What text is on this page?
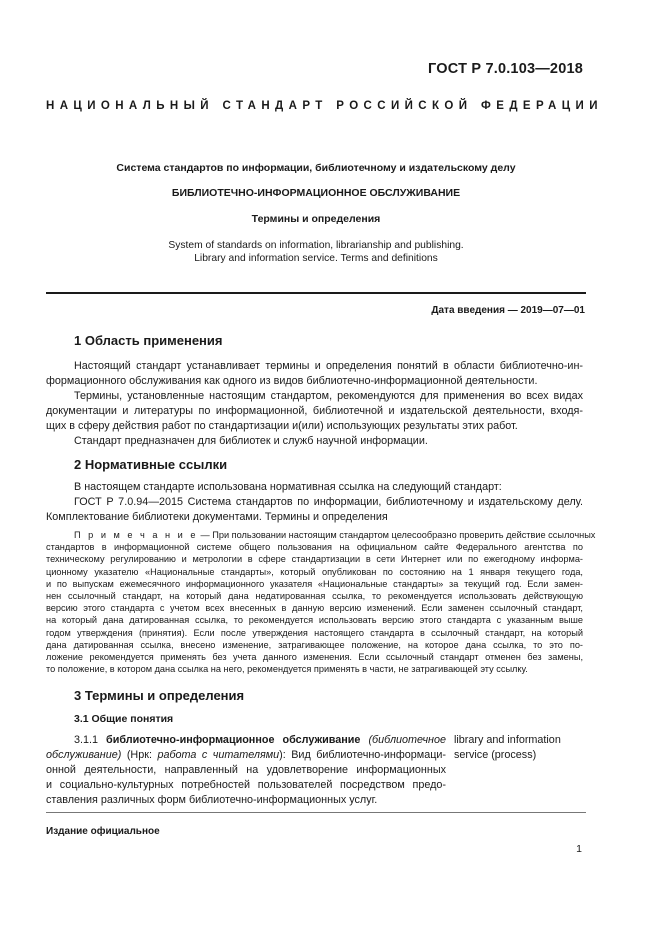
ГОСТ Р 7.0.103—2018
НАЦИОНАЛЬНЫЙ СТАНДАРТ РОССИЙСКОЙ ФЕДЕРАЦИИ
Система стандартов по информации, библиотечному и издательскому делу
БИБЛИОТЕЧНО-ИНФОРМАЦИОННОЕ ОБСЛУЖИВАНИЕ
Термины и определения
System of standards on information, librarianship and publishing.
Library and information service. Terms and definitions
Дата введения — 2019—07—01
1 Область применения
Настоящий стандарт устанавливает термины и определения понятий в области библиотечно-ин-
формационного обслуживания как одного из видов библиотечно-информационной деятельности.
Термины, установленные настоящим стандартом, рекомендуются для применения во всех видах
документации и литературы по информационной, библиотечной и издательской деятельности, входя-
щих в сферу действия работ по стандартизации и(или) использующих результаты этих работ.
Стандарт предназначен для библиотек и служб научной информации.
2 Нормативные ссылки
В настоящем стандарте использована нормативная ссылка на следующий стандарт:
ГОСТ Р 7.0.94—2015 Система стандартов по информации, библиотечному и издательскому делу.
Комплектование библиотеки документами. Термины и определения
П р и м е ч а н и е — При пользовании настоящим стандартом целесообразно проверить действие ссылочных
стандартов в информационной системе общего пользования на официальном сайте Федерального агентства по
техническому регулированию и метрологии в сфере стандартизации в сети Интернет или по ежегодному информа-
ционному указателю «Национальные стандарты», который опубликован по состоянию на 1 января текущего года,
и по выпускам ежемесячного информационного указателя «Национальные стандарты» за текущий год. Если замен-
нен ссылочный стандарт, на который дана недатированная ссылка, то рекомендуется использовать действующую
версию этого стандарта с учетом всех внесенных в данную версию изменений. Если заменен ссылочный стандарт,
на который дана датированная ссылка, то рекомендуется использовать версию этого стандарта с указанным выше
годом утверждения (принятия). Если после утверждения настоящего стандарта в ссылочный стандарт, на который
дана датированная ссылка, внесено изменение, затрагивающее положение, на которое дана ссылка, то это по-
ложение рекомендуется применять без учета данного изменения. Если ссылочный стандарт отменен без замены,
то положение, в котором дана ссылка на него, рекомендуется применять в части, не затрагивающей эту ссылку.
3 Термины и определения
3.1 Общие понятия
3.1.1 библиотечно-информационное обслуживание (библиотечное
обслуживание) (Нрк: работа с читателями): Вид библиотечно-информаци-
онной деятельности, направленный на удовлетворение информационных
и социально-культурных потребностей пользователей посредством предо-
ставления различных форм библиотечно-информационных услуг.
library and information
service (process)
Издание официальное
1
